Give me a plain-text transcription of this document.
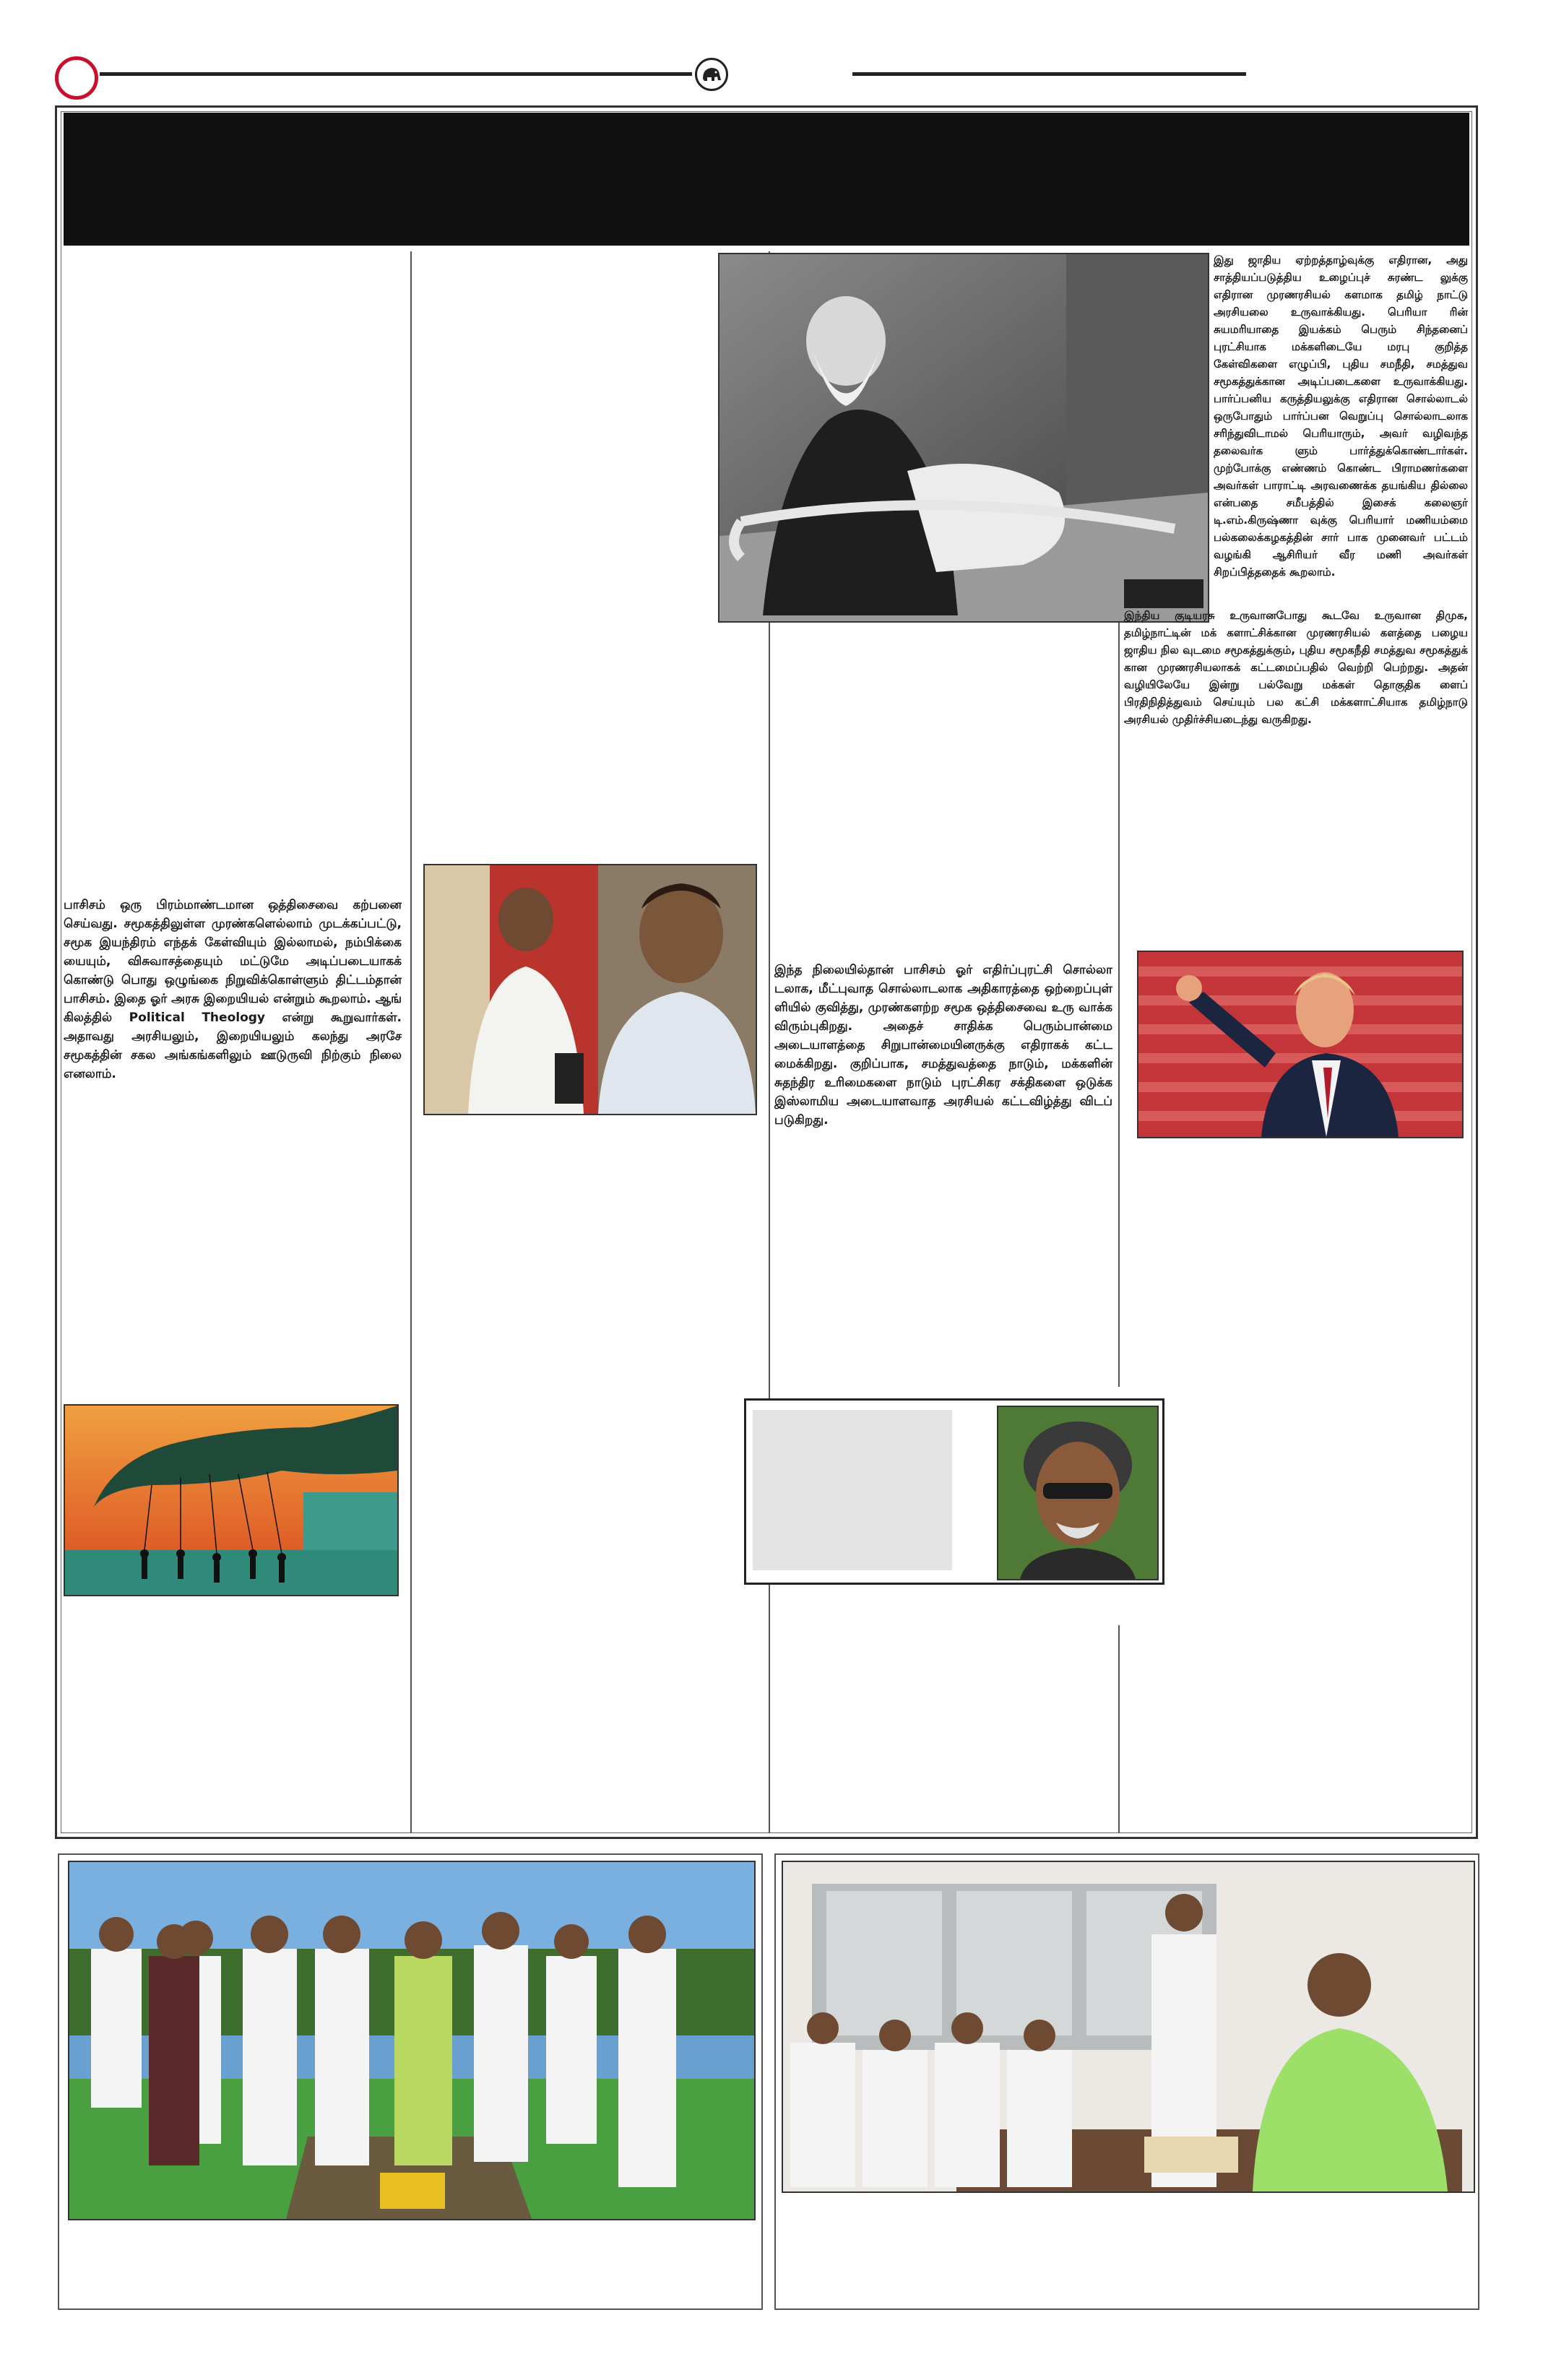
பாசிசம் ஒரு பிரம்மாண்டமான ஒத்திசைவை கற்பனை செய்வது. சமூகத்திலுள்ள முரண்களெல்லாம் முடக்கப்பட்டு, சமூக இயந்திரம் எந்தக் கேள்வியும் இல்லாமல், நம்பிக்கை யையும், விசுவாசத்தையும் மட்டுமே அடிப்படையாகக் கொண்டு பொது ஒழுங்கை நிறுவிக்கொள்ளும் திட்டம்தான் பாசிசம். இதை ஓர் அரசு இறையியல் என்றும் கூறலாம். ஆங் கிலத்தில் Political Theology என்று கூறுவார்கள். அதாவது அரசியலும், இறையியலும் கலந்து அரசே சமூகத்தின் சகல அங்கங்களிலும் ஊடுருவி நிற்கும் நிலை எனலாம்.

இந்த நிலையில்தான் பாசிசம் ஓர் எதிர்ப்புரட்சி சொல்லா டலாக, மீட்புவாத சொல்லாடலாக அதிகாரத்தை ஒற்றைப்புள் ளியில் குவித்து, முரண்களற்ற சமூக ஒத்திசைவை உரு வாக்க விரும்புகிறது. அதைச் சாதிக்க பெரும்பான்மை அடையாளத்தை சிறுபான்மையினருக்கு எதிராகக் கட்ட மைக்கிறது. குறிப்பாக, சமத்துவத்தை நாடும், மக்களின் சுதந்திர உரிமைகளை நாடும் புரட்சிகர சக்திகளை ஒடுக்க இஸ்லாமிய அடையாளவாத அரசியல் கட்டவிழ்த்து விடப் படுகிறது.

இது ஜாதிய ஏற்றத்தாழ்வுக்கு எதிரான, அது சாத்தியப்படுத்திய உழைப்புச் சுரண்ட லுக்கு எதிரான முரணரசியல் களமாக தமிழ் நாட்டு அரசியலை உருவாக்கியது. பெரியா ரின் சுயமரியாதை இயக்கம் பெரும் சிந்தனைப் புரட்சியாக மக்களிடையே மரபு குறித்த கேள்விகளை எழுப்பி, புதிய சமநீதி, சமத்துவ சமூகத்துக்கான அடிப்படைகளை உருவாக்கியது. பார்ப்பனிய கருத்தியலுக்கு எதிரான சொல்லாடல் ஒருபோதும் பார்ப்பன வெறுப்பு சொல்லாடலாக சரிந்துவிடாமல் பெரியாரும், அவர் வழிவந்த தலைவர்க ளும் பார்த்துக்கொண்டார்கள். முற்போக்கு எண்ணம் கொண்ட பிராமணர்களை அவர்கள் பாராட்டி அரவணைக்க தயங்கிய தில்லை என்பதை சமீபத்தில் இசைக் கலைஞர் டி.எம்.கிருஷ்ணா வுக்கு பெரியார் மணியம்மை பல்கலைக்கழகத்தின் சார் பாக முனைவர் பட்டம் வழங்கி ஆசிரியர் வீர மணி அவர்கள் சிறப்பித்ததைக் கூறலாம்.

இந்திய குடியரசு உருவானபோது கூடவே உருவான திமுக, தமிழ்நாட்டின் மக் களாட்சிக்கான முரணரசியல் களத்தை பழைய ஜாதிய நில வுடமை சமூகத்துக்கும், புதிய சமூகநீதி சமத்துவ சமூகத்துக் கான முரணரசியலாகக் கட்டமைப்பதில் வெற்றி பெற்றது. அதன் வழியிலேயே இன்று பல்வேறு மக்கள் தொகுதிக ளைப் பிரதிநிதித்துவம் செய்யும் பல கட்சி மக்களாட்சியாக தமிழ்நாடு அரசியல் முதிர்ச்சியடைந்து வருகிறது.
